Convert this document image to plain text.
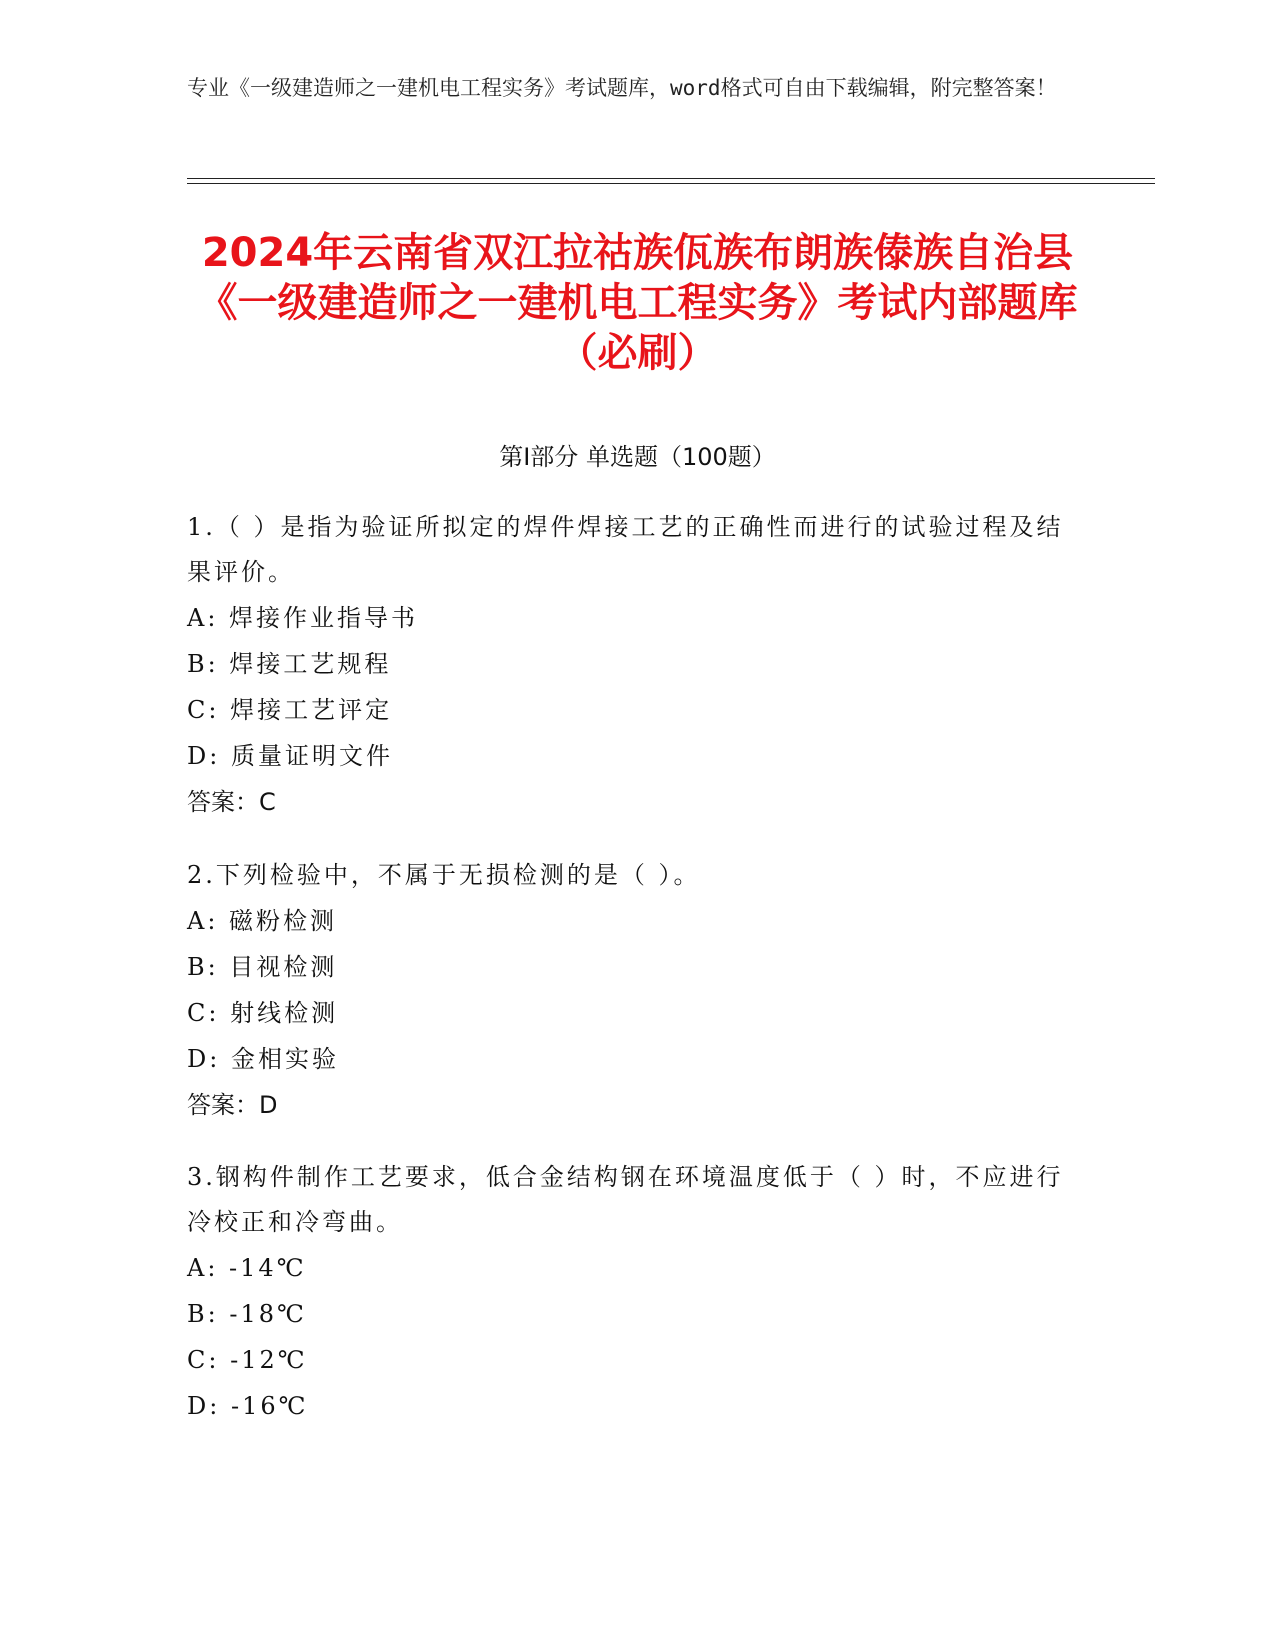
专业《一级建造师之一建机电工程实务》考试题库，word格式可自由下载编辑，附完整答案！
2024年云南省双江拉祜族佤族布朗族傣族自治县《一级建造师之一建机电工程实务》考试内部题库（必刷）
第I部分 单选题（100题）
1.（ ）是指为验证所拟定的焊件焊接工艺的正确性而进行的试验过程及结果评价。
A: 焊接作业指导书
B: 焊接工艺规程
C: 焊接工艺评定
D: 质量证明文件
答案：C
2.下列检验中，不属于无损检测的是（ ）。
A: 磁粉检测
B: 目视检测
C: 射线检测
D: 金相实验
答案：D
3.钢构件制作工艺要求，低合金结构钢在环境温度低于（ ）时，不应进行冷校正和冷弯曲。
A: -14℃
B: -18℃
C: -12℃
D: -16℃
